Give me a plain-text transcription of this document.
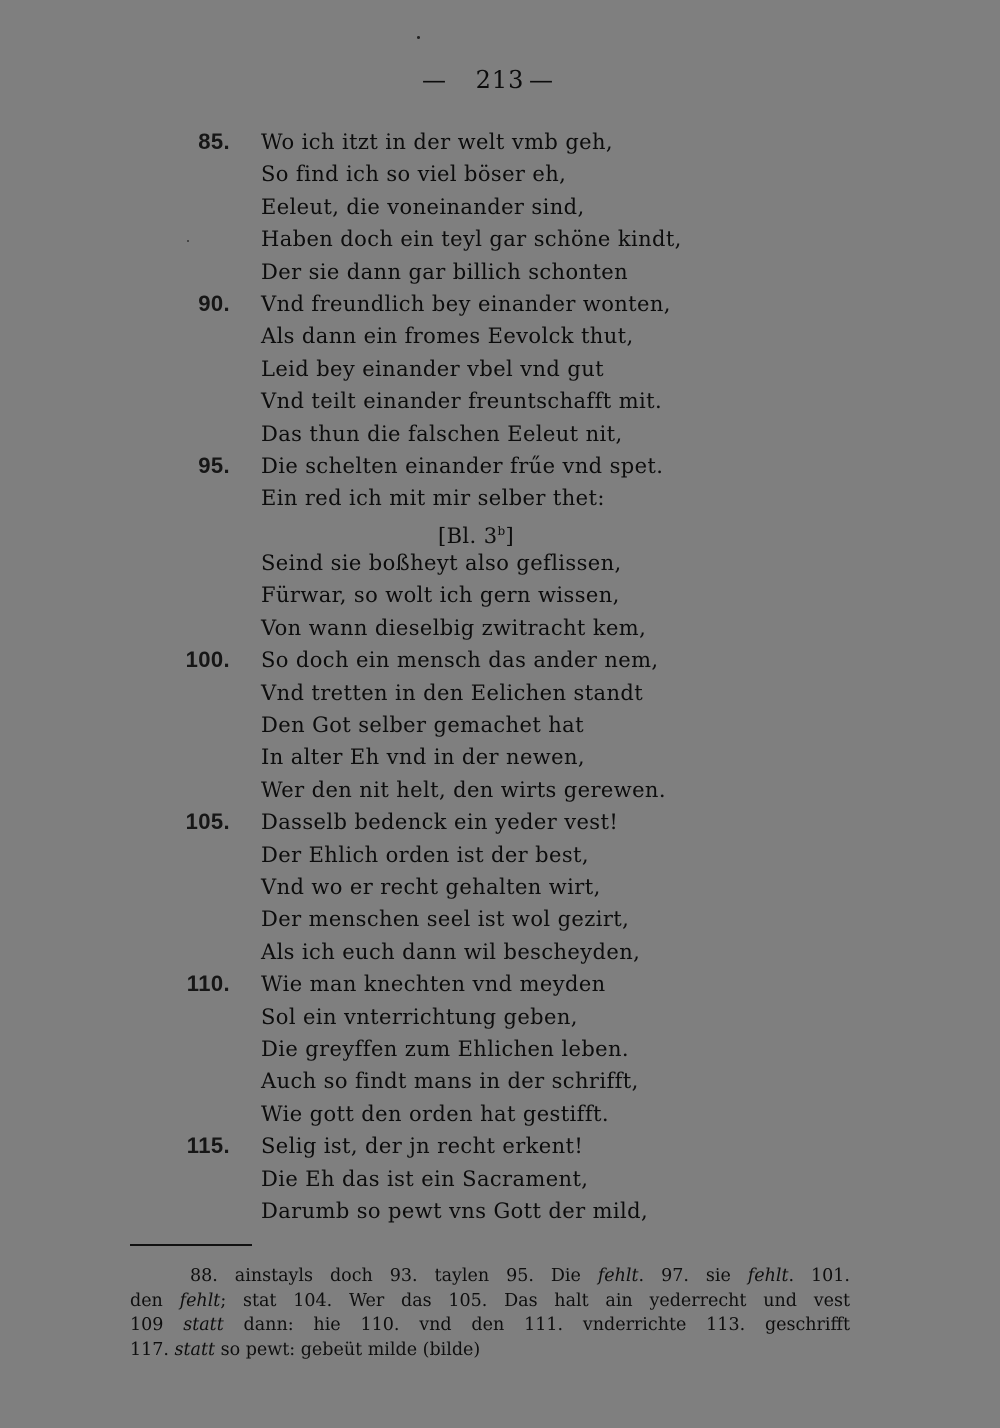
— 213 —
85. Wo ich itzt in der welt vmb geh,
So find ich so viel böser eh,
Eeleut, die voneinander sind,
Haben doch ein teyl gar schöne kindt,
Der sie dann gar billich schonten
90. Vnd freundlich bey einander wonten,
Als dann ein fromes Eevolck thut,
Leid bey einander vbel vnd gut
Vnd teilt einander freuntschafft mit.
Das thun die falschen Eeleut nit,
95. Die schelten einander frűe vnd spet.
Ein red ich mit mir selber thet:
[Bl. 3$^b$]
Seind sie boßheyt also geflissen,
Fürwar, so wolt ich gern wissen,
Von wann dieselbig zwitracht kem,
100. So doch ein mensch das ander nem,
Vnd tretten in den Eelichen standt
Den Got selber gemachet hat
In alter Eh vnd in der newen,
Wer den nit helt, den wirts gerewen.
105. Dasselb bedenck ein yeder vest!
Der Ehlich orden ist der best,
Vnd wo er recht gehalten wirt,
Der menschen seel ist wol gezirt,
Als ich euch dann wil bescheyden,
110. Wie man knechten vnd meyden
Sol ein vnterrichtung geben,
Die greyffen zum Ehlichen leben.
Auch so findt mans in der schrifft,
Wie gott den orden hat gestifft.
115. Selig ist, der jn recht erkent!
Die Eh das ist ein Sacrament,
Darumb so pewt vns Gott der mild,
88. ainstayls doch 93. taylen 95. Die fehlt. 97. sie fehlt. 101.
den fehlt; stat 104. Wer das 105. Das halt ain yederrecht und vest
109 statt dann: hie 110. vnd den 111. vnderrichte 113. geschrifft
117. statt so pewt: gebeüt milde (bilde)
